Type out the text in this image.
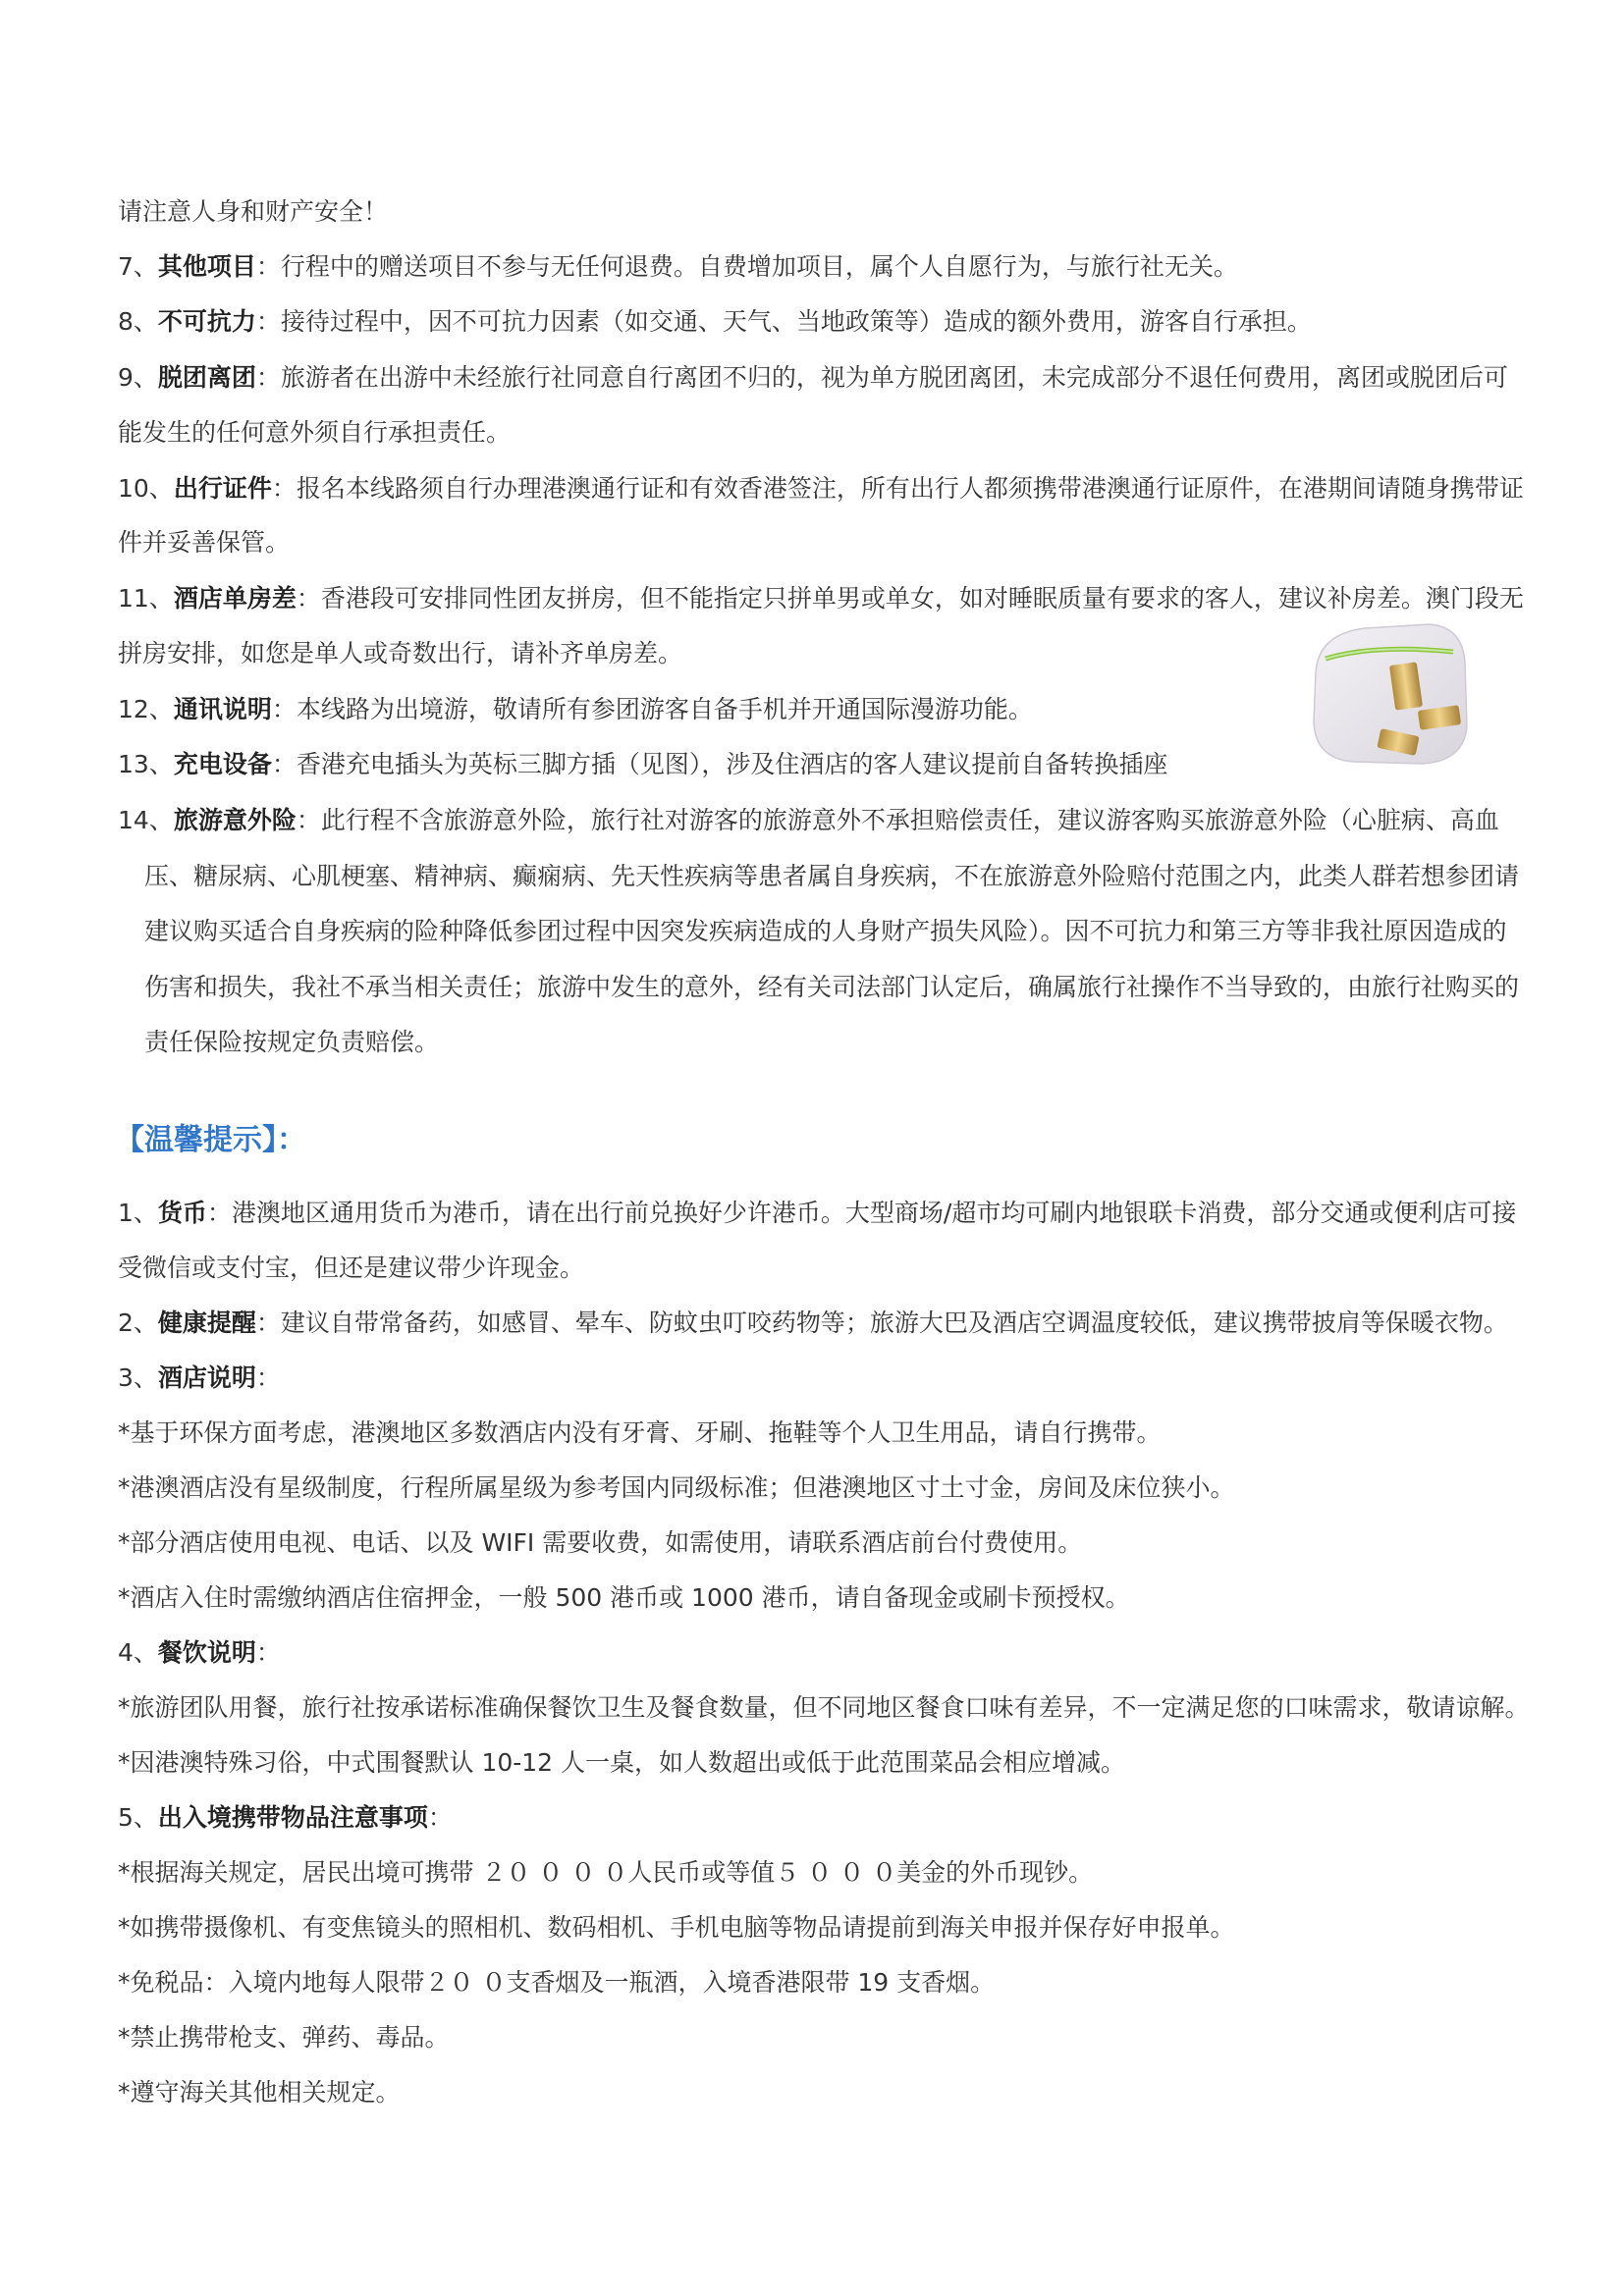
请注意人身和财产安全！
7、其他项目：行程中的赠送项目不参与无任何退费。自费增加项目，属个人自愿行为，与旅行社无关。
8、不可抗力：接待过程中，因不可抗力因素（如交通、天气、当地政策等）造成的额外费用，游客自行承担。
9、脱团离团：旅游者在出游中未经旅行社同意自行离团不归的，视为单方脱团离团，未完成部分不退任何费用，离团或脱团后可
能发生的任何意外须自行承担责任。
10、出行证件：报名本线路须自行办理港澳通行证和有效香港签注，所有出行人都须携带港澳通行证原件，在港期间请随身携带证
件并妥善保管。
11、酒店单房差：香港段可安排同性团友拼房，但不能指定只拼单男或单女，如对睡眠质量有要求的客人，建议补房差。澳门段无
拼房安排，如您是单人或奇数出行，请补齐单房差。
12、通讯说明：本线路为出境游，敬请所有参团游客自备手机并开通国际漫游功能。
13、充电设备：香港充电插头为英标三脚方插（见图），涉及住酒店的客人建议提前自备转换插座
14、旅游意外险：此行程不含旅游意外险，旅行社对游客的旅游意外不承担赔偿责任，建议游客购买旅游意外险（心脏病、高血
压、糖尿病、心肌梗塞、精神病、癫痫病、先天性疾病等患者属自身疾病，不在旅游意外险赔付范围之内，此类人群若想参团请
建议购买适合自身疾病的险种降低参团过程中因突发疾病造成的人身财产损失风险）。因不可抗力和第三方等非我社原因造成的
伤害和损失，我社不承当相关责任；旅游中发生的意外，经有关司法部门认定后，确属旅行社操作不当导致的，由旅行社购买的
责任保险按规定负责赔偿。
【温馨提示】：
1、货币：港澳地区通用货币为港币，请在出行前兑换好少许港币。大型商场/超市均可刷内地银联卡消费，部分交通或便利店可接
受微信或支付宝，但还是建议带少许现金。
2、健康提醒：建议自带常备药，如感冒、晕车、防蚊虫叮咬药物等；旅游大巴及酒店空调温度较低，建议携带披肩等保暖衣物。
3、酒店说明：
*基于环保方面考虑，港澳地区多数酒店内没有牙膏、牙刷、拖鞋等个人卫生用品，请自行携带。
*港澳酒店没有星级制度，行程所属星级为参考国内同级标准；但港澳地区寸土寸金，房间及床位狭小。
*部分酒店使用电视、电话、以及 WIFI 需要收费，如需使用，请联系酒店前台付费使用。
*酒店入住时需缴纳酒店住宿押金，一般 500 港币或 1000 港币，请自备现金或刷卡预授权。
4、餐饮说明：
*旅游团队用餐，旅行社按承诺标准确保餐饮卫生及餐食数量，但不同地区餐食口味有差异，不一定满足您的口味需求，敬请谅解。
*因港澳特殊习俗，中式围餐默认 10-12 人一桌，如人数超出或低于此范围菜品会相应增减。
5、出入境携带物品注意事项：
*根据海关规定，居民出境可携带 ２０ ０ ０ ０人民币或等值５ ０ ０ ０美金的外币现钞。
*如携带摄像机、有变焦镜头的照相机、数码相机、手机电脑等物品请提前到海关申报并保存好申报单。
*免税品：入境内地每人限带２０ ０支香烟及一瓶酒，入境香港限带 19 支香烟。
*禁止携带枪支、弹药、毒品。
*遵守海关其他相关规定。
